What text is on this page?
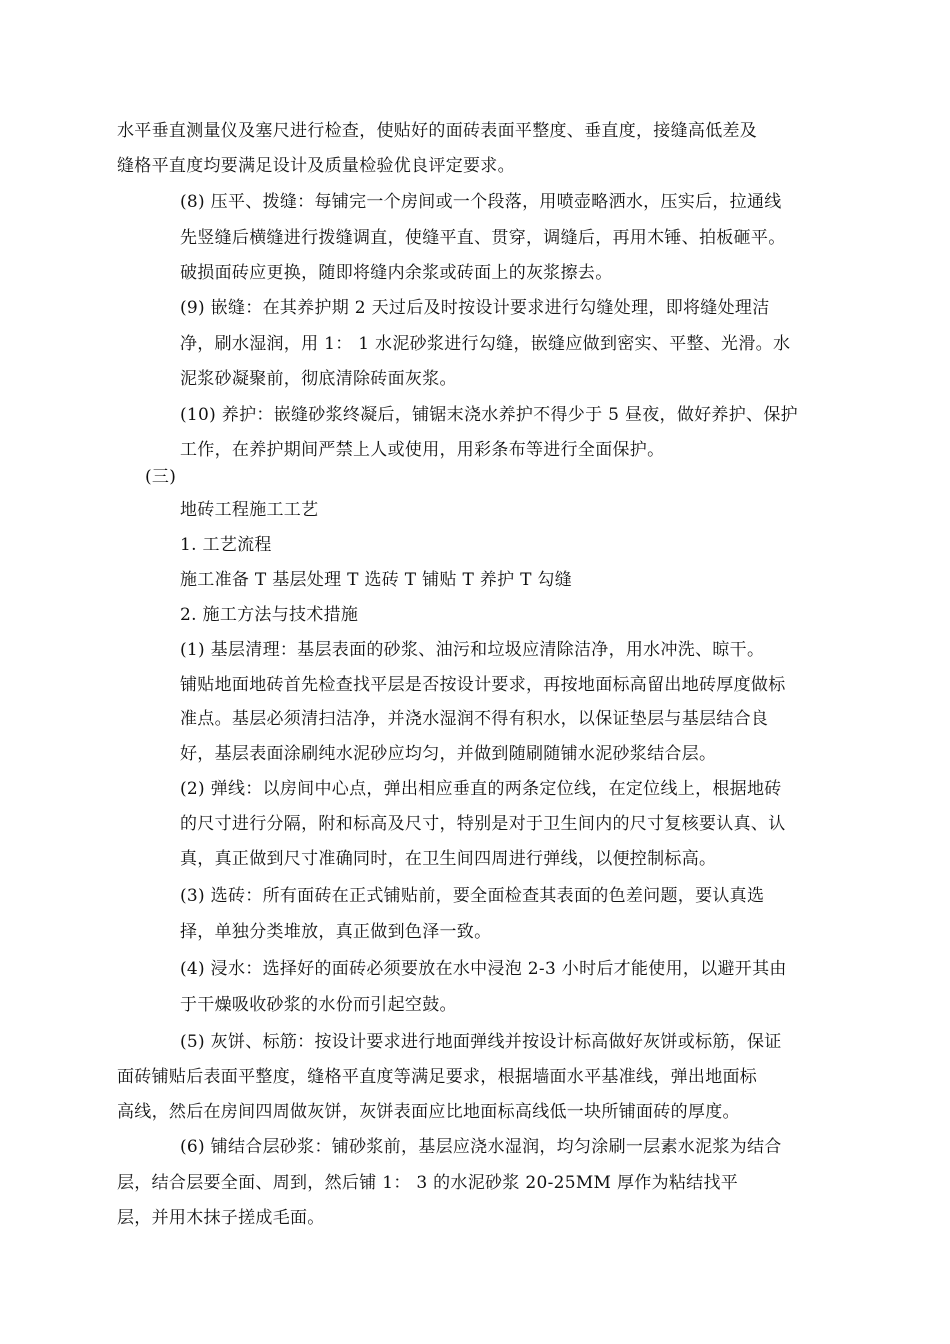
水平垂直测量仪及塞尺进行检查，使贴好的面砖表面平整度、垂直度，接缝高低差及
缝格平直度均要满足设计及质量检验优良评定要求。
(8) 压平、拨缝：每铺完一个房间或一个段落，用喷壶略洒水，压实后，拉通线
先竖缝后横缝进行拨缝调直，使缝平直、贯穿，调缝后，再用木锤、拍板砸平。
破损面砖应更换，随即将缝内余浆或砖面上的灰浆擦去。
(9) 嵌缝：在其养护期 2 天过后及时按设计要求进行勾缝处理，即将缝处理洁
净，刷水湿润，用 1： 1 水泥砂浆进行勾缝，嵌缝应做到密实、平整、光滑。水
泥浆砂凝聚前，彻底清除砖面灰浆。
(10) 养护：嵌缝砂浆终凝后，铺锯末浇水养护不得少于 5 昼夜，做好养护、保护
工作，在养护期间严禁上人或使用，用彩条布等进行全面保护。
(三)
地砖工程施工工艺
1. 工艺流程
施工准备 T 基层处理 T 选砖 T 铺贴 T 养护 T 勾缝
2. 施工方法与技术措施
(1) 基层清理：基层表面的砂浆、油污和垃圾应清除洁净，用水冲洗、晾干。
铺贴地面地砖首先检查找平层是否按设计要求，再按地面标高留出地砖厚度做标
准点。基层必须清扫洁净，并浇水湿润不得有积水，以保证垫层与基层结合良
好，基层表面涂刷纯水泥砂应均匀，并做到随刷随铺水泥砂浆结合层。
(2) 弹线：以房间中心点，弹出相应垂直的两条定位线，在定位线上，根据地砖
的尺寸进行分隔，附和标高及尺寸，特别是对于卫生间内的尺寸复核要认真、认
真，真正做到尺寸准确同时，在卫生间四周进行弹线，以便控制标高。
(3) 选砖：所有面砖在正式铺贴前，要全面检查其表面的色差问题，要认真选
择，单独分类堆放，真正做到色泽一致。
(4) 浸水：选择好的面砖必须要放在水中浸泡 2-3 小时后才能使用，以避开其由
于干燥吸收砂浆的水份而引起空鼓。
(5) 灰饼、标筋：按设计要求进行地面弹线并按设计标高做好灰饼或标筋，保证
面砖铺贴后表面平整度，缝格平直度等满足要求，根据墙面水平基准线，弹出地面标
高线，然后在房间四周做灰饼，灰饼表面应比地面标高线低一块所铺面砖的厚度。
(6) 铺结合层砂浆：铺砂浆前，基层应浇水湿润，均匀涂刷一层素水泥浆为结合
层，结合层要全面、周到，然后铺 1： 3 的水泥砂浆 20-25MM 厚作为粘结找平
层，并用木抹子搓成毛面。
